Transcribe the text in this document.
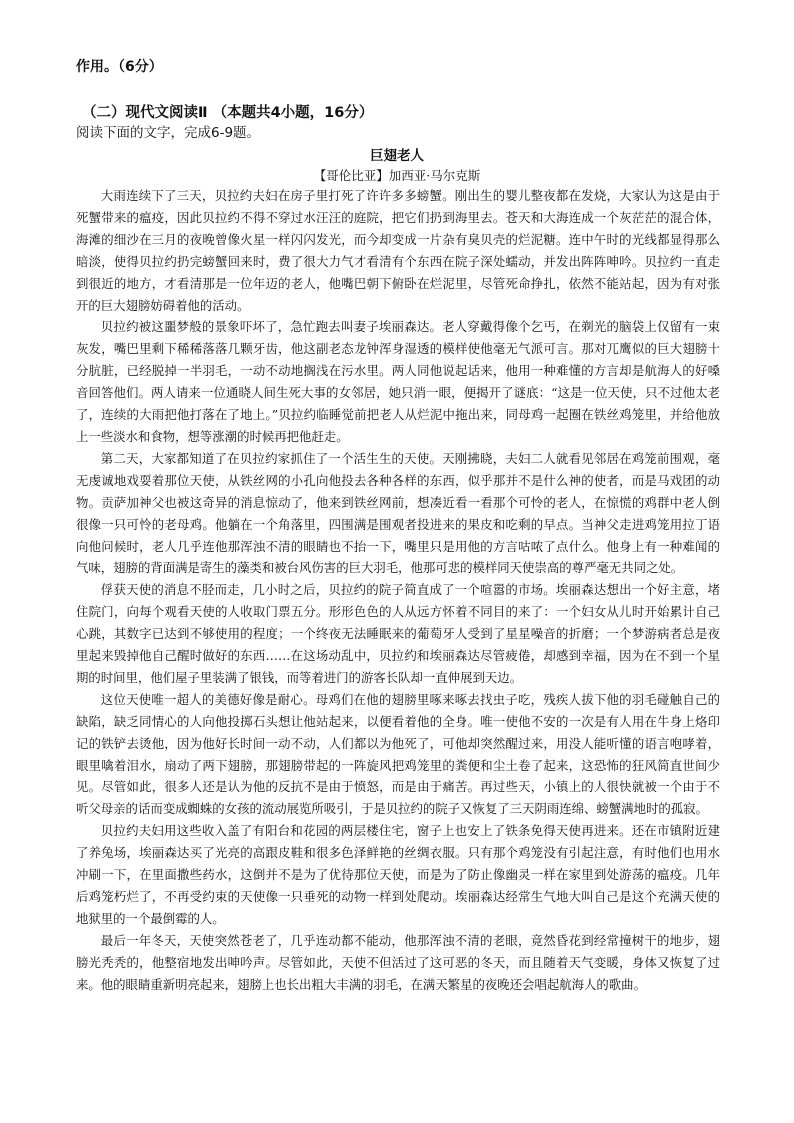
作用。（6分）
（二）现代文阅读Ⅱ （本题共4小题，16分）
阅读下面的文字，完成6-9题。
巨翅老人
【哥伦比亚】加西亚·马尔克斯

大雨连续下了三天，贝拉约夫妇在房子里打死了许许多多螃蟹。刚出生的婴儿整夜都在发烧，大家认为这是由于死蟹带来的瘟疫，因此贝拉约不得不穿过水汪汪的庭院，把它们扔到海里去。苍天和大海连成一个灰茫茫的混合体，海滩的细沙在三月的夜晚曾像火星一样闪闪发光，而今却变成一片杂有臭贝壳的烂泥糖。连中午时的光线都显得那么暗淡，使得贝拉约扔完螃蟹回来时，费了很大力气才看清有个东西在院子深处蠕动，并发出阵阵呻吟。贝拉约一直走到很近的地方，才看清那是一位年迈的老人，他嘴巴朝下俯卧在烂泥里，尽管死命挣扎，依然不能站起，因为有对张开的巨大翅膀妨碍着他的活动。

贝拉约被这噩梦般的景象吓坏了，急忙跑去叫妻子埃丽森达。老人穿戴得像个乞丐，在剃光的脑袋上仅留有一束灰发，嘴巴里剩下稀稀落落几颗牙齿，他这副老态龙钟浑身湿透的模样使他毫无气派可言。那对兀鹰似的巨大翅膀十分肮脏，已经脱掉一半羽毛，一动不动地搁浅在污水里。两人同他说起话来，他用一种难懂的方言却是航海人的好嗓音回答他们。两人请来一位通晓人间生死大事的女邻居，她只消一眼，便揭开了谜底：“这是一位天使，只不过他太老了，连续的大雨把他打落在了地上。”贝拉约临睡觉前把老人从烂泥中拖出来，同母鸡一起圈在铁丝鸡笼里，并给他放上一些淡水和食物，想等涨潮的时候再把他赶走。

第二天，大家都知道了在贝拉约家抓住了一个活生生的天使。天刚拂晓，夫妇二人就看见邻居在鸡笼前围观，毫无虔诚地戏耍着那位天使，从铁丝网的小孔向他投去各种各样的东西，似乎那并不是什么神的使者，而是马戏团的动物。贡萨加神父也被这奇异的消息惊动了，他来到铁丝网前，想凑近看一看那个可怜的老人，在惊慌的鸡群中老人倒很像一只可怜的老母鸡。他躺在一个角落里，四围满是围观者投进来的果皮和吃剩的早点。当神父走进鸡笼用拉丁语向他问候时，老人几乎连他那浑浊不清的眼睛也不抬一下，嘴里只是用他的方言咕哝了点什么。他身上有一种难闻的气味，翅膀的背面满是寄生的藻类和被台风伤害的巨大羽毛，他那可悲的模样同天使崇高的尊严毫无共同之处。

俘获天使的消息不胫而走，几小时之后，贝拉约的院子简直成了一个喧嚣的市场。埃丽森达想出一个好主意，堵住院门，向每个观看天使的人收取门票五分。形形色色的人从远方怀着不同目的来了：一个妇女从儿时开始累计自己心跳，其数字已达到不够使用的程度；一个终夜无法睡眠来的葡萄牙人受到了星星噪音的折磨；一个梦游病者总是夜里起来毁掉他自己醒时做好的东西……在这场动乱中，贝拉约和埃丽森达尽管疲倦，却感到幸福，因为在不到一个星期的时间里，他们屋子里装满了银钱，而等着进门的游客长队却一直伸展到天边。

这位天使唯一超人的美德好像是耐心。母鸡们在他的翅膀里啄来啄去找虫子吃，残疾人拔下他的羽毛碰触自己的缺陷，缺乏同情心的人向他投掷石头想让他站起来，以便看着他的全身。唯一使他不安的一次是有人用在牛身上烙印记的铁铲去烫他，因为他好长时间一动不动，人们都以为他死了，可他却突然醒过来，用没人能听懂的语言咆哮着，眼里噙着泪水，扇动了两下翅膀，那翅膀带起的一阵旋风把鸡笼里的粪便和尘土卷了起来，这恐怖的狂风简直世间少见。尽管如此，很多人还是认为他的反抗不是由于愤怒，而是由于痛苦。再过些天，小镇上的人很快就被一个由于不听父母亲的话而变成蜘蛛的女孩的流动展览所吸引，于是贝拉约的院子又恢复了三天阴雨连绵、螃蟹满地时的孤寂。

贝拉约夫妇用这些收入盖了有阳台和花园的两层楼住宅，窗子上也安上了铁条免得天使再进来。还在市镇附近建了养兔场，埃丽森达买了光亮的高跟皮鞋和很多色泽鲜艳的丝绸衣服。只有那个鸡笼没有引起注意，有时他们也用水冲刷一下，在里面撒些药水，这倒并不是为了优待那位天使，而是为了防止像幽灵一样在家里到处游荡的瘟疫。几年后鸡笼朽烂了，不再受约束的天使像一只垂死的动物一样到处爬动。埃丽森达经常生气地大叫自己是这个充满天使的地狱里的一个最倒霉的人。

最后一年冬天，天使突然苍老了，几乎连动都不能动，他那浑浊不清的老眼，竟然昏花到经常撞树干的地步，翅膀光秃秃的，他整宿地发出呻吟声。尽管如此，天使不但活过了这可恶的冬天，而且随着天气变暖，身体又恢复了过来。他的眼睛重新明亮起来，翅膀上也长出粗大丰满的羽毛，在满天繁星的夜晚还会唱起航海人的歌曲。
